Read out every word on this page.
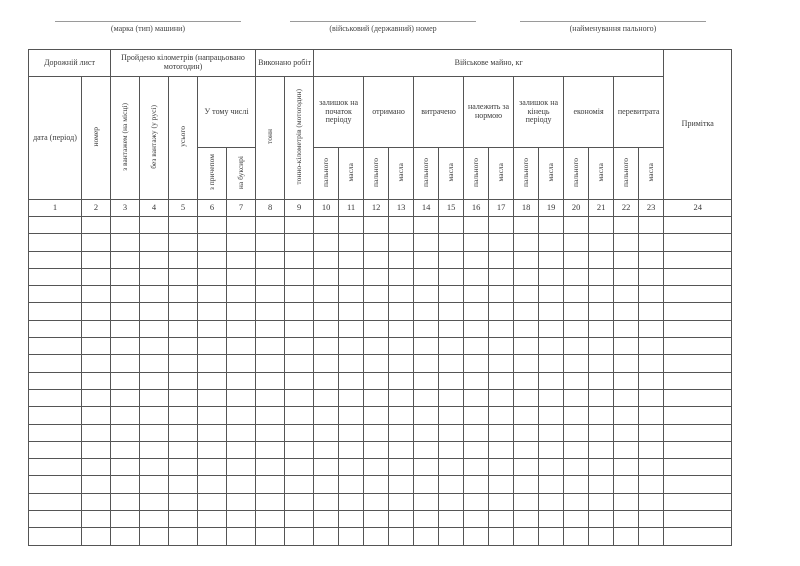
(марка (тип) машини)	(військовий (державний) номер	(найменування пального)
Дорожній лист		Пройдено кілометрів (напрацьовано мотогодин)					Виконано робіт		Військове майно, кг														Примітка
дата (період)	номер	з вантажем (на місці)	без вантажу (у русі)	усього	У тому числі		тонн	тонно-кілометрів (мотогодин)	залишок на початок періоду		отримано		витрачено		належить за нормою		залишок на кінець періоду		економія		перевитрата		
					з причепом	на буксирі			пального	масла	пального	масла	пального	масла	пального	масла	пального	масла	пального	масла	пального	масла	
1	2	3	4	5	6	7	8	9	10	11	12	13	14	15	16	17	18	19	20	21	22	23	24
